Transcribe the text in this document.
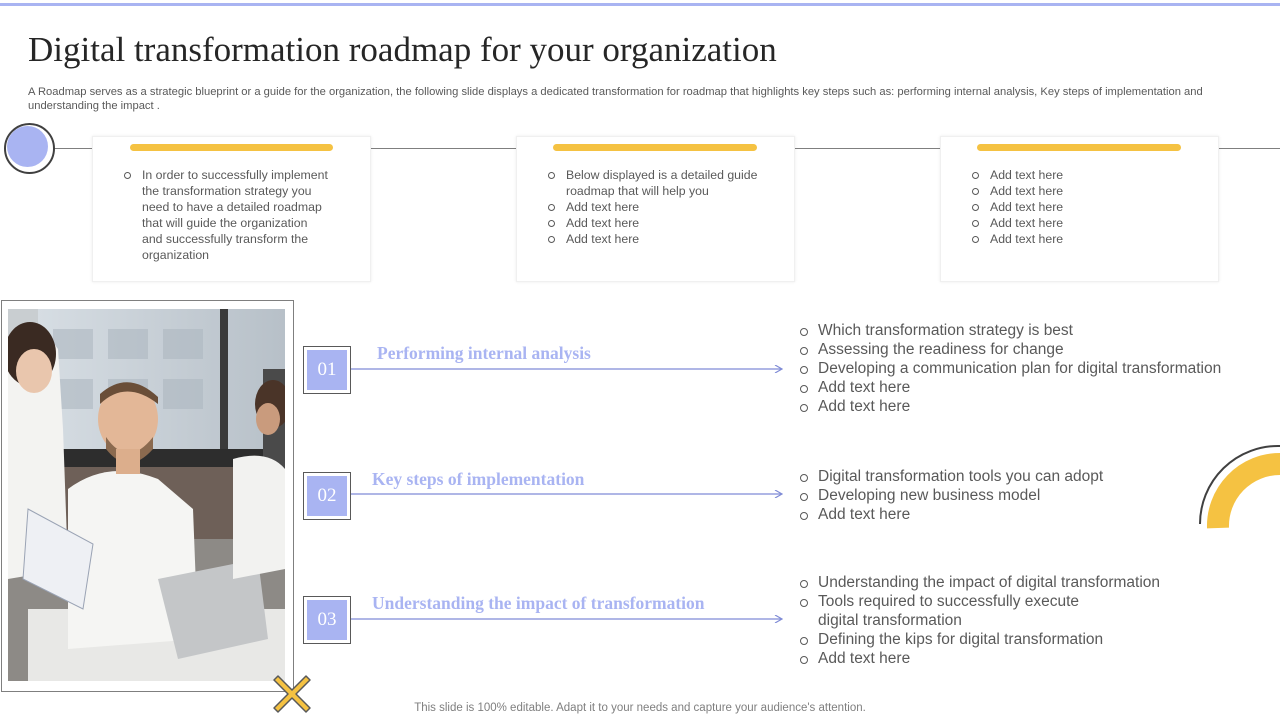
Digital transformation roadmap for your organization

A Roadmap serves as a strategic blueprint or a guide for the organization, the following slide displays a dedicated transformation for roadmap that highlights key steps such as: performing internal analysis, Key steps of implementation and understanding the impact .

In order to successfully implement the transformation strategy you need to have a detailed roadmap that will guide the organization and successfully transform the organization
Below displayed is a detailed guide roadmap that will help you
Add text here
Add text here
Add text here
Add text here
Add text here
Add text here
Add text here
Add text here
01
Performing internal analysis
Which transformation strategy is best
Assessing the readiness for change
Developing a communication plan for digital transformation
Add text here
Add text here
02
Key steps of implementation	Digital transformation tools you can adopt
Developing new business model
Add text here
03
Understanding the impact of transformation
Understanding the impact of digital transformation
Tools required to successfully execute
digital transformation
Defining the kips for digital transformation
Add text here
This slide is 100% editable. Adapt it to your needs and capture your audience's attention.
